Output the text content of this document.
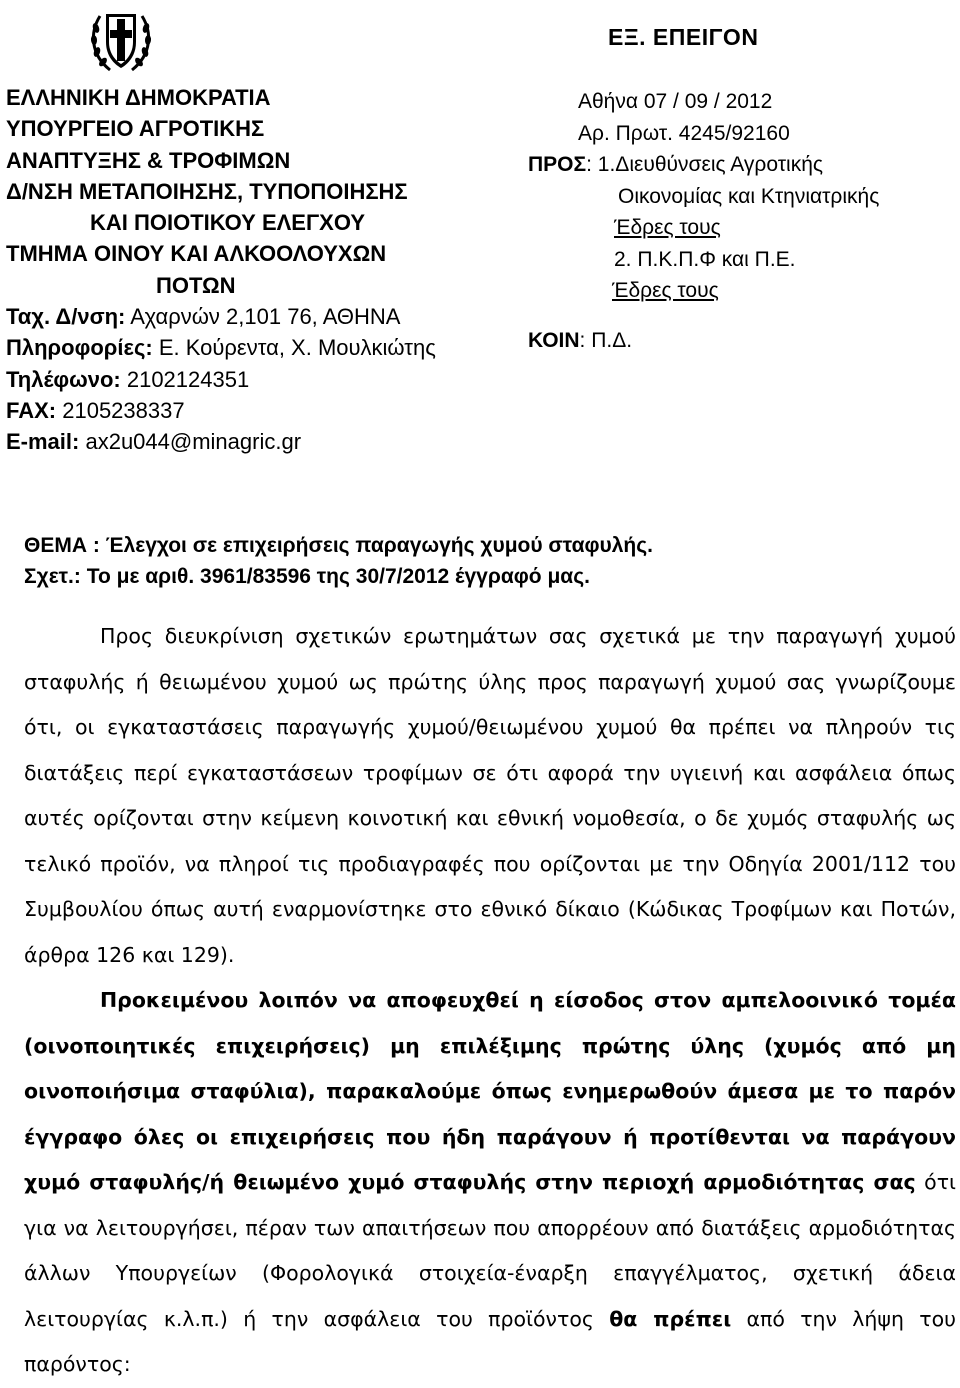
ΕΛΛΗΝΙΚΗ ΔΗΜΟΚΡΑΤΙΑ
ΥΠΟΥΡΓΕΙΟ ΑΓΡΟΤΙΚΗΣ
ΑΝΑΠΤΥΞΗΣ & ΤΡΟΦΙΜΩΝ
Δ/ΝΣΗ ΜΕΤΑΠΟΙΗΣΗΣ, ΤΥΠΟΠΟΙΗΣΗΣ
ΚΑΙ ΠΟΙΟΤΙΚΟΥ ΕΛΕΓΧΟΥ
ΤΜΗΜΑ ΟΙΝΟΥ ΚΑΙ ΑΛΚΟΟΛΟΥΧΩΝ
ΠΟΤΩΝ
Ταχ. Δ/νση: Αχαρνών 2,101 76, ΑΘΗΝΑ
Πληροφορίες: Ε. Κούρεντα, Χ. Μουλκιώτης
Τηλέφωνο: 2102124351
FAX: 2105238337
E-mail: ax2u044@minagric.gr
ΕΞ. ΕΠΕΙΓΟΝ
Αθήνα 07 / 09 / 2012
Αρ. Πρωτ. 4245/92160
ΠΡΟΣ: 1.Διευθύνσεις Αγροτικής
Οικονομίας και Κτηνιατρικής
Έδρες τους
2. Π.Κ.Π.Φ και Π.Ε.
Έδρες τους
ΚΟΙΝ: Π.Δ.
ΘΕΜΑ : Έλεγχοι σε επιχειρήσεις παραγωγής χυμού σταφυλής.
Σχετ.: Το με αριθ. 3961/83596 της 30/7/2012 έγγραφό μας.

Προς διευκρίνιση σχετικών ερωτημάτων σας σχετικά με την παραγωγή χυμού σταφυλής ή θειωμένου χυμού ως πρώτης ύλης προς παραγωγή χυμού σας γνωρίζουμε ότι, οι εγκαταστάσεις παραγωγής χυμού/θειωμένου χυμού θα πρέπει να πληρούν τις διατάξεις περί εγκαταστάσεων τροφίμων σε ότι αφορά την υγιεινή και ασφάλεια όπως αυτές ορίζονται στην κείμενη κοινοτική και εθνική νομοθεσία, ο δε χυμός σταφυλής ως τελικό προϊόν, να πληροί τις προδιαγραφές που ορίζονται με την Οδηγία 2001/112 του Συμβουλίου όπως αυτή εναρμονίστηκε στο εθνικό δίκαιο (Κώδικας Τροφίμων και Ποτών, άρθρα 126 και 129).

Προκειμένου λοιπόν να αποφευχθεί η είσοδος στον αμπελοοινικό τομέα (οινοποιητικές επιχειρήσεις) μη επιλέξιμης πρώτης ύλης (χυμός από μη οινοποιήσιμα σταφύλια), παρακαλούμε όπως ενημερωθούν άμεσα με το παρόν έγγραφο όλες οι επιχειρήσεις που ήδη παράγουν ή προτίθενται να παράγουν χυμό σταφυλής/ή θειωμένο χυμό σταφυλής στην περιοχή αρμοδιότητας σας ότι για να λειτουργήσει, πέραν των απαιτήσεων που απορρέουν από διατάξεις αρμοδιότητας άλλων Υπουργείων (Φορολογικά στοιχεία-έναρξη επαγγέλματος, σχετική άδεια λειτουργίας κ.λ.π.) ή την ασφάλεια του προϊόντος θα πρέπει από την λήψη του παρόντος:
